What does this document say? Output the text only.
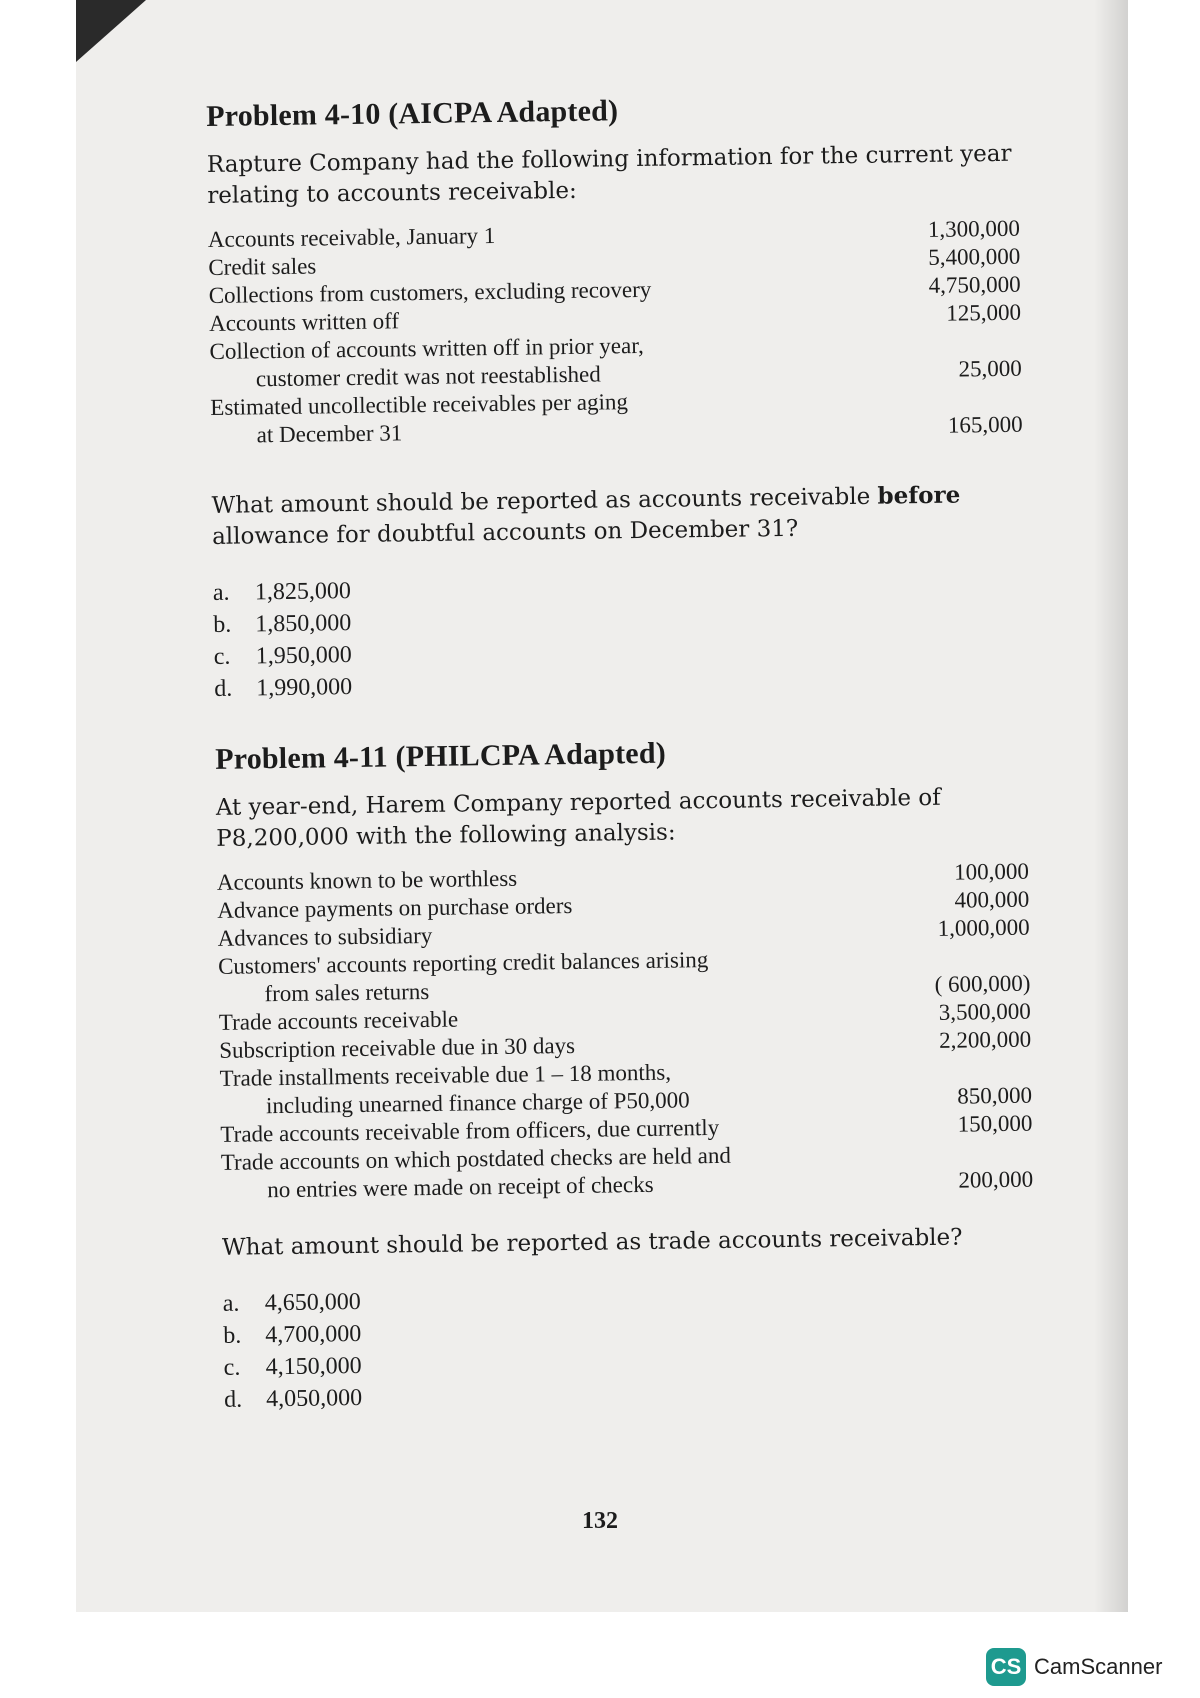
Problem 4-10 (AICPA Adapted)

Rapture Company had the following information for the current year relating to accounts receivable:

Accounts receivable, January 1	1,300,000
Credit sales	5,400,000
Collections from customers, excluding recovery	4,750,000
Accounts written off	125,000
Collection of accounts written off in prior year,	
customer credit was not reestablished	25,000
Estimated uncollectible receivables per aging	
at December 31	165,000

What amount should be reported as accounts receivable before allowance for doubtful accounts on December 31?

a.	1,825,000
b. 1,850,000
c.	1,950,000
d. 1,990,000
Problem 4-11 (PHILCPA Adapted)

At year-end, Harem Company reported accounts receivable of P8,200,000 with the following analysis:

Accounts known to be worthless	100,000
Advance payments on purchase orders	400,000
Advances to subsidiary	1,000,000
Customers' accounts reporting credit balances arising	
from sales returns	( 600,000)
Trade accounts receivable	3,500,000
Subscription receivable due in 30 days	2,200,000
Trade installments receivable due 1 – 18 months,	
including unearned finance charge of P50,000	850,000
Trade accounts receivable from officers, due currently	150,000
Trade accounts on which postdated checks are held and	
no entries were made on receipt of checks	200,000

What amount should be reported as trade accounts receivable?

a.	4,650,000
b. 4,700,000
c.	4,150,000
d. 4,050,000
132
CS CamScanner
